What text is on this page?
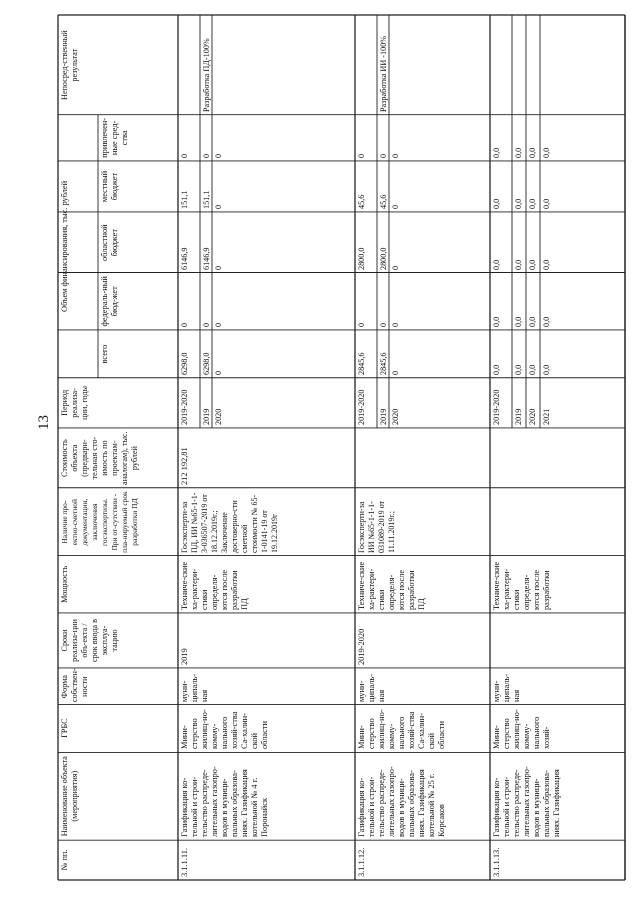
13
Объем финансирования, тыс. рублей
всего
федераль-ный бюд-жет
областной бюджет
местный бюджет
привлечен-ные сред-ства
Непосред-ственный результат
Период реализа-ции, годы
Стоимость объекта (предвари-тельная сто-имость по проектам-аналогам), тыс. рублей
Наличие про-ектно-сметной документации, заключения госэкспертизы. При от-сутствии - пла-нируемый срок разработки ПД
Мощность
Сроки реализа-ции объ-екта / срок ввода в эксплуа-тацию
Форма собствен-ности
ГРБС
Наименование объекта (мероприятия)
№ пп.	3.1.1.11.
Газификация ко-тельной и строи-тельство распреде-лительных газопро-водов в муници-пальных образова-ниях. Газификация котельной № 4 г. Поронайск
Мини-стерство жилищ-но-комму-нального хозяй-ства Са-халин-ской области
муни-ципаль-ная
2019
Техниче-ские ха-рактери-стики определя-ются после разработки ПД
Госэксперти-за ПД, ИИ №65-1-1-3-036507-2019 от 18.12.2019г.; Заключение достоверно-сти сметной стоимости № 65-1-0141-19 от 19.12.2019г
212 192,81
2019-2020
6298,0
0
6146,9
151,1
0
2019
6298,0
0
6146,9
151,1
0
Разработка ПД-100%
2020
0
0
0
0
0
3.1.1.12.
Газификация ко-тельной и строи-тельство распреде-лительных газопро-водов в муници-пальных образова-ниях. Газификация котельной № 25 г. Корсаков
Мини-стерство жилищ-но-комму-нального хозяй-ства Са-халин-ской области
муни-ципаль-ная
2019-2020
Техниче-ские ха-рактери-стики определя-ются после разработки ПД
Госэксперти-за ИИ №65-1-1-1-031089-2019 от 11.11.2019г.;
2019-2020
2845,6
0
2800,0
45,6
0
2019
2845,6
0
2800,0
45,6
0
Разработка ИИ -100%
2020
0
0
0
0
0
3.1.1.13.
Газификация ко-тельной и строи-тельство распреде-лительных газопро-водов в муници-пальных образова-ниях. Газификация
Мини-стерство жилищ-но-комму-нального хозяй-
муни-ципаль-ная
Техниче-ские ха-рактери-стики определя-ются после разработки
2019-2020
0,0
0,0
0,0
0,0
0,0
2019
0,0
0,0
0,0
0,0
0,0
2020
0,0
0,0
0,0
0,0
0,0
2021
0,0
0,0
0,0
0,0
0,0
